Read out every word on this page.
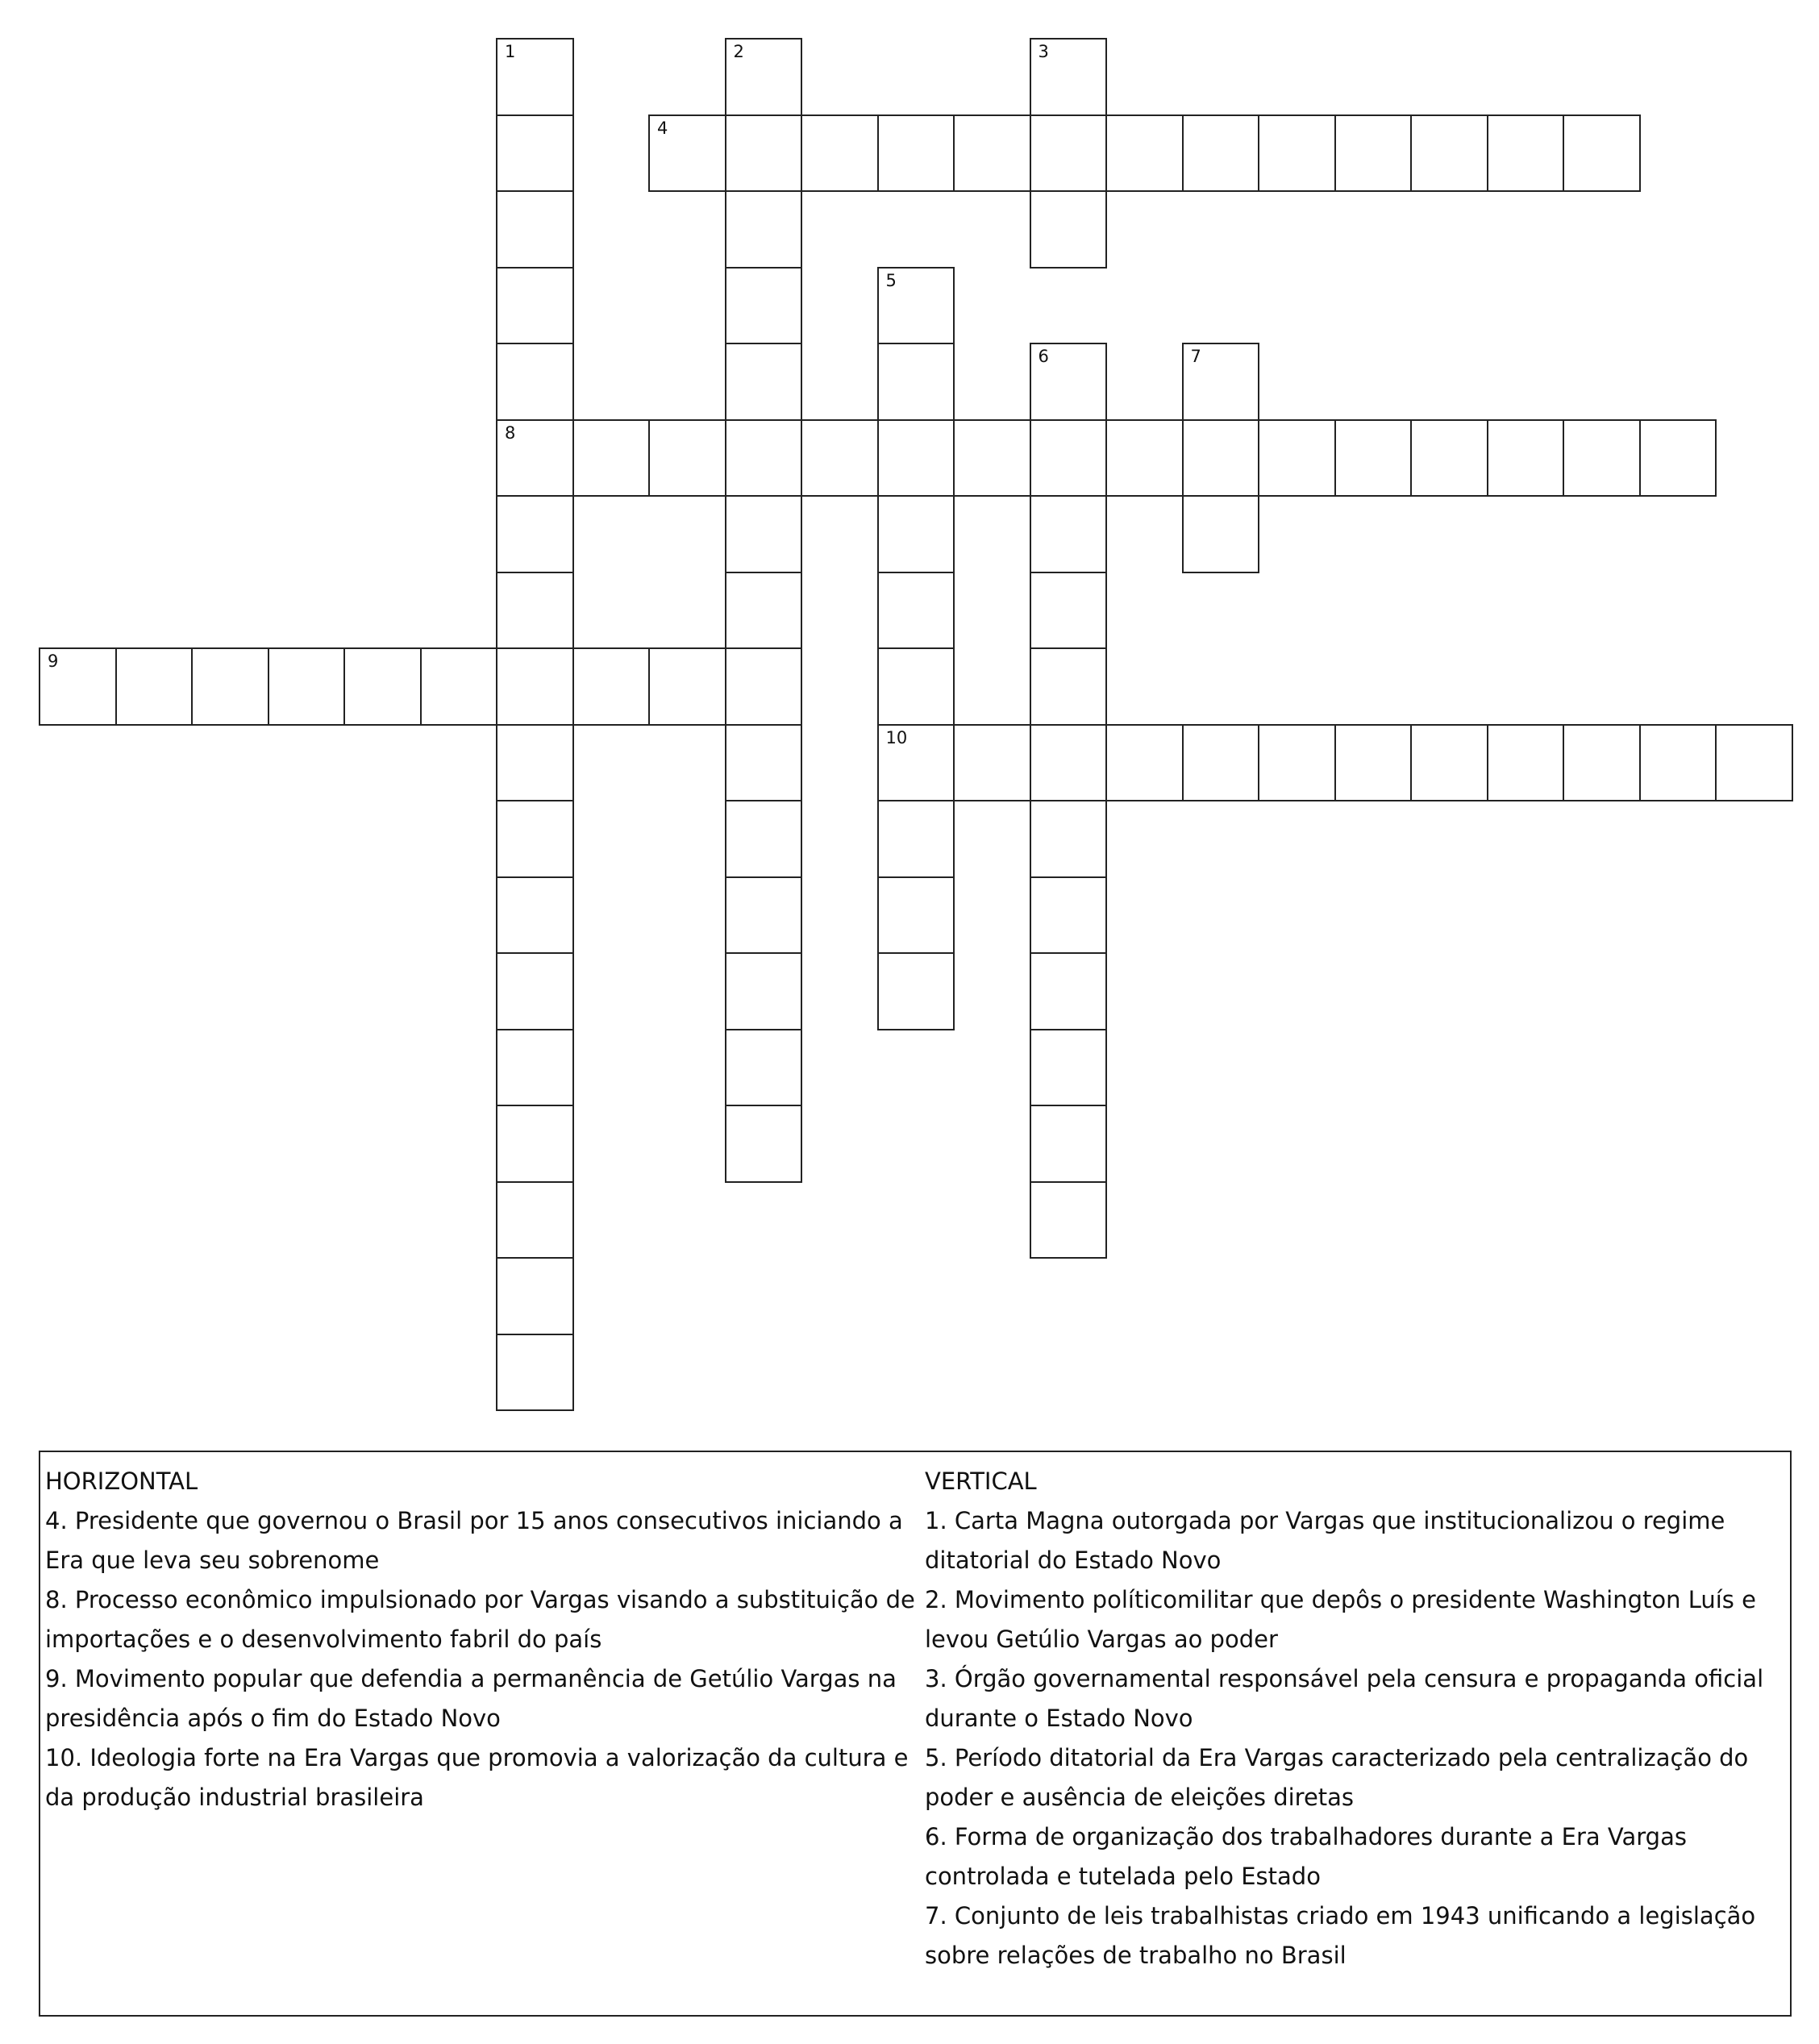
1
8
2	3
4
5
10
6	7
9
HORIZONTAL
4. Presidente que governou o Brasil por 15 anos consecutivos iniciando a Era que leva seu sobrenome
8. Processo econômico impulsionado por Vargas visando a substituição de importações e o desenvolvimento fabril do país
9. Movimento popular que defendia a permanência de Getúlio Vargas na presidência após o fim do Estado Novo
10. Ideologia forte na Era Vargas que promovia a valorização da cultura e da produção industrial brasileira
VERTICAL
1. Carta Magna outorgada por Vargas que institucionalizou o regime ditatorial do Estado Novo
2. Movimento políticomilitar que depôs o presidente Washington Luís e levou Getúlio Vargas ao poder
3. Órgão governamental responsável pela censura e propaganda oficial durante o Estado Novo
5. Período ditatorial da Era Vargas caracterizado pela centralização do poder e ausência de eleições diretas
6. Forma de organização dos trabalhadores durante a Era Vargas controlada e tutelada pelo Estado
7. Conjunto de leis trabalhistas criado em 1943 unificando a legislação sobre relações de trabalho no Brasil
